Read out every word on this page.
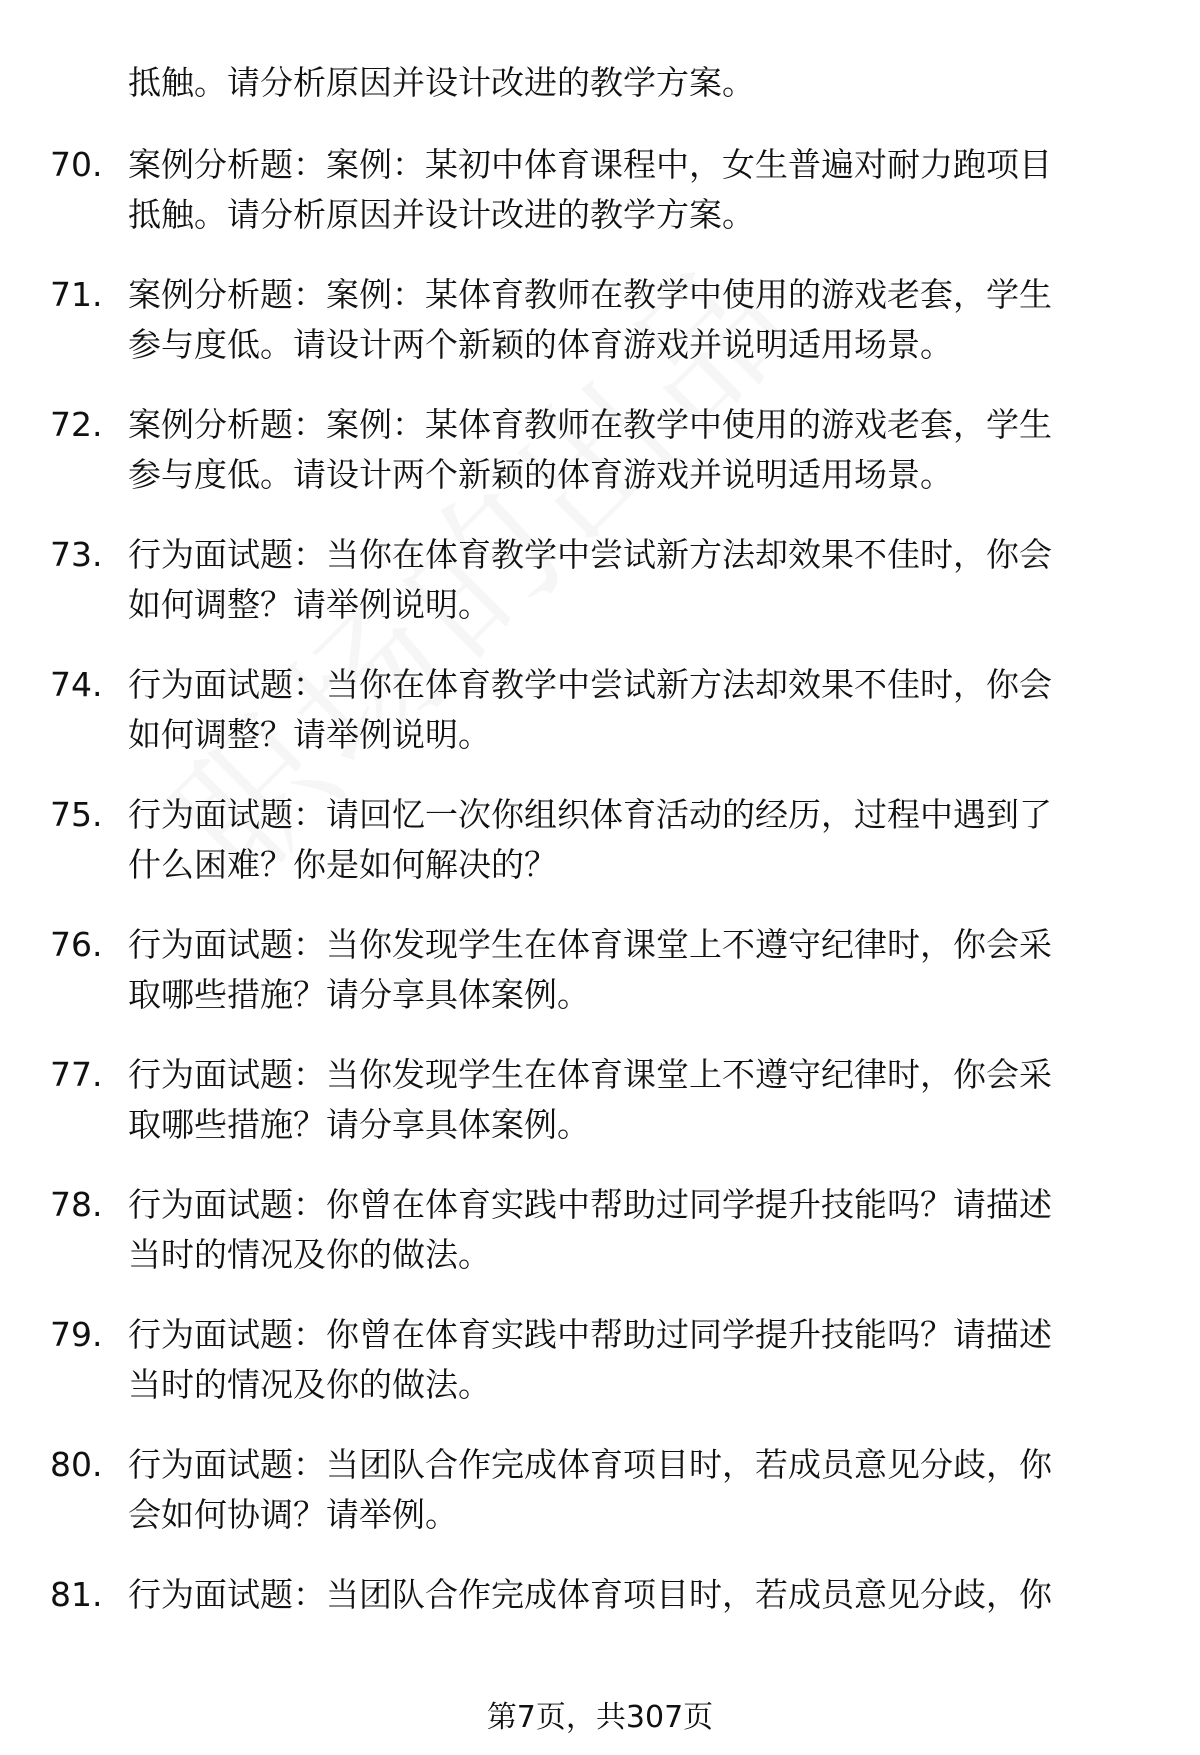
抵触。请分析原因并设计改进的教学方案。
70. 案例分析题：案例：某初中体育课程中，女生普遍对耐力跑项目
抵触。请分析原因并设计改进的教学方案。
71. 案例分析题：案例：某体育教师在教学中使用的游戏老套，学生
参与度低。请设计两个新颖的体育游戏并说明适用场景。
72. 案例分析题：案例：某体育教师在教学中使用的游戏老套，学生
参与度低。请设计两个新颖的体育游戏并说明适用场景。
73. 行为面试题：当你在体育教学中尝试新方法却效果不佳时，你会
如何调整？请举例说明。
74. 行为面试题：当你在体育教学中尝试新方法却效果不佳时，你会
如何调整？请举例说明。
75. 行为面试题：请回忆一次你组织体育活动的经历，过程中遇到了
什么困难？你是如何解决的？
76. 行为面试题：当你发现学生在体育课堂上不遵守纪律时，你会采
取哪些措施？请分享具体案例。
77. 行为面试题：当你发现学生在体育课堂上不遵守纪律时，你会采
取哪些措施？请分享具体案例。
78. 行为面试题：你曾在体育实践中帮助过同学提升技能吗？请描述
当时的情况及你的做法。
79. 行为面试题：你曾在体育实践中帮助过同学提升技能吗？请描述
当时的情况及你的做法。
80. 行为面试题：当团队合作完成体育项目时，若成员意见分歧，你
会如何协调？请举例。
81. 行为面试题：当团队合作完成体育项目时，若成员意见分歧，你
第7页，共307页
